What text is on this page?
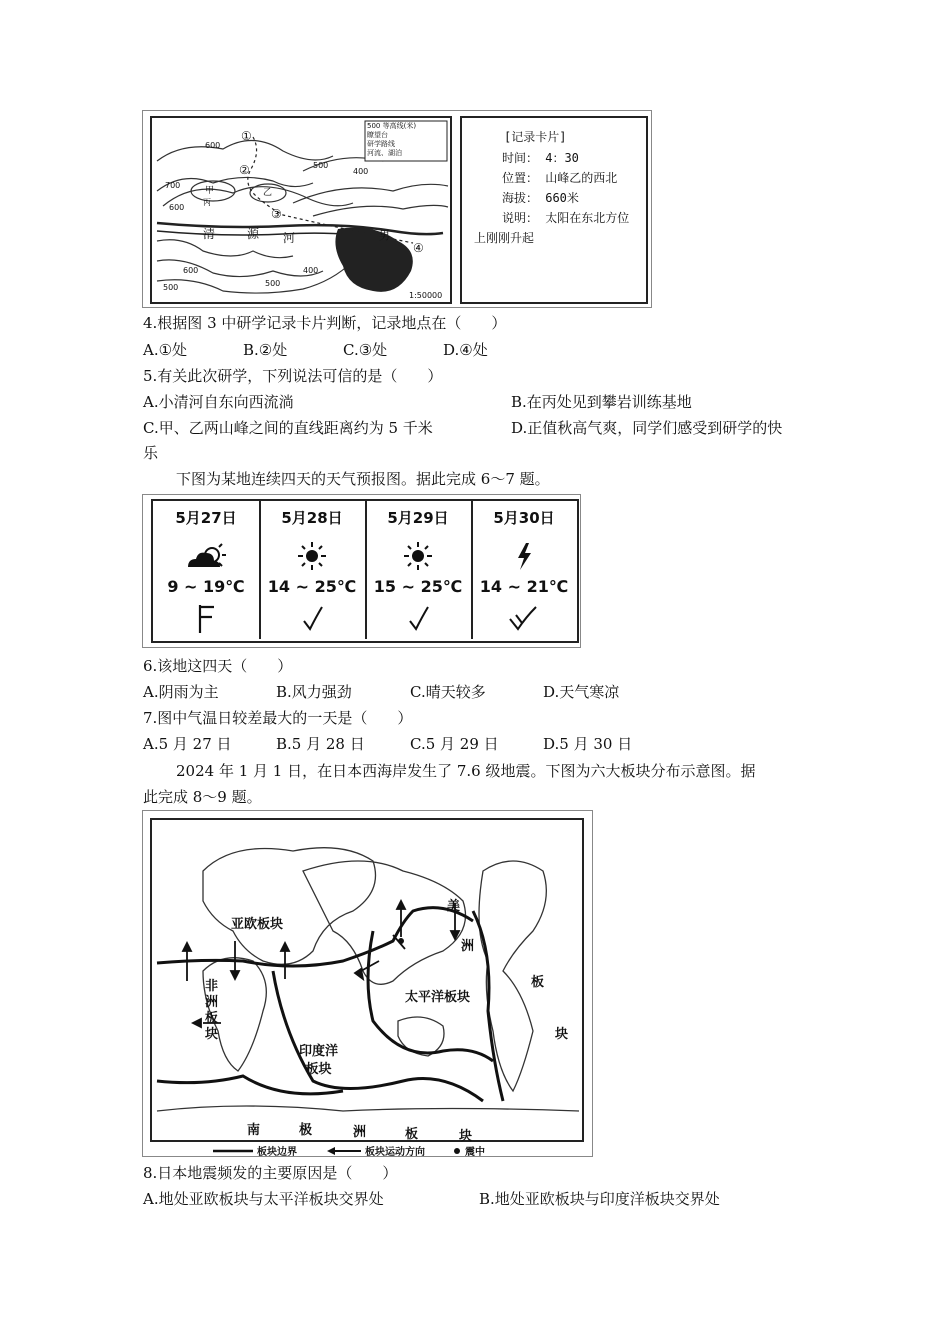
500 等高线(米)
瞭望台
研学路线
河流、湖泊
600
700
600
500
400
600
500
400
500
甲	乙
①
②
③
④
丙
清	源 河	男
1:50000
[记录卡片]
时间： 4：30
位置： 山峰乙的西北
海拔： 660米
说明： 太阳在东北方位
上刚刚升起
4.根据图 3 中研学记录卡片判断，记录地点在（　　）
A.①处	B.②处	C.③处	D.④处
5.有关此次研学，下列说法可信的是（　　）
A.小清河自东向西流淌	B.在丙处见到攀岩训练基地
C.甲、乙两山峰之间的直线距离约为 5 千米	D.正值秋高气爽，同学们感受到研学的快
乐
下图为某地连续四天的天气预报图。据此完成 6～7 题。
5月27日
9 ~ 19℃
5月28日
14 ~ 25℃
5月29日
15 ~ 25℃
5月30日
14 ~ 21℃
6.该地这四天（　　）
A.阴雨为主	B.风力强劲	C.晴天较多	D.天气寒凉
7.图中气温日较差最大的一天是（　　）
A.5 月 27 日	B.5 月 28 日	C.5 月 29 日	D.5 月 30 日
2024 年 1 月 1 日，在日本西海岸发生了 7.6 级地震。下图为六大板块分布示意图。据
此完成 8～9 题。
亚欧板块
太平洋板块
非
洲
板
块
印度洋
板块
美
洲
板
块
南	极	洲	板	块
板块边界	板块运动方向	震中
8.日本地震频发的主要原因是（　　）
A.地处亚欧板块与太平洋板块交界处	B.地处亚欧板块与印度洋板块交界处
